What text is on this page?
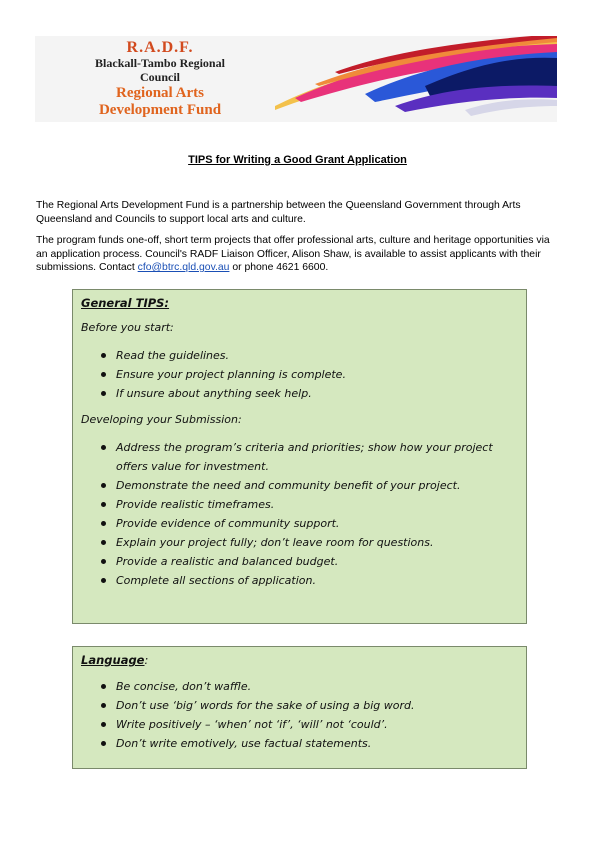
R.A.D.F.
Blackall-Tambo Regional
Council
Regional Arts
Development Fund
TIPS for Writing a Good Grant Application
The Regional Arts Development Fund is a partnership between the Queensland Government through Arts Queensland and Councils to support local arts and culture.
The program funds one-off, short term projects that offer professional arts, culture and heritage opportunities via an application process. Council's RADF Liaison Officer, Alison Shaw, is available to assist applicants with their submissions. Contact cfo@btrc.qld.gov.au or phone 4621 6600.
General TIPS:
Before you start:
Read the guidelines.
Ensure your project planning is complete.
If unsure about anything seek help.
Developing your Submission:
Address the program’s criteria and priorities; show how your project offers value for investment.
Demonstrate the need and community benefit of your project.
Provide realistic timeframes.
Provide evidence of community support.
Explain your project fully; don’t leave room for questions.
Provide a realistic and balanced budget.
Complete all sections of application.
Language:
Be concise, don’t waffle.
Don’t use ‘big’ words for the sake of using a big word.
Write positively – ‘when’ not ‘if’, ‘will’ not ‘could’.
Don’t write emotively, use factual statements.
